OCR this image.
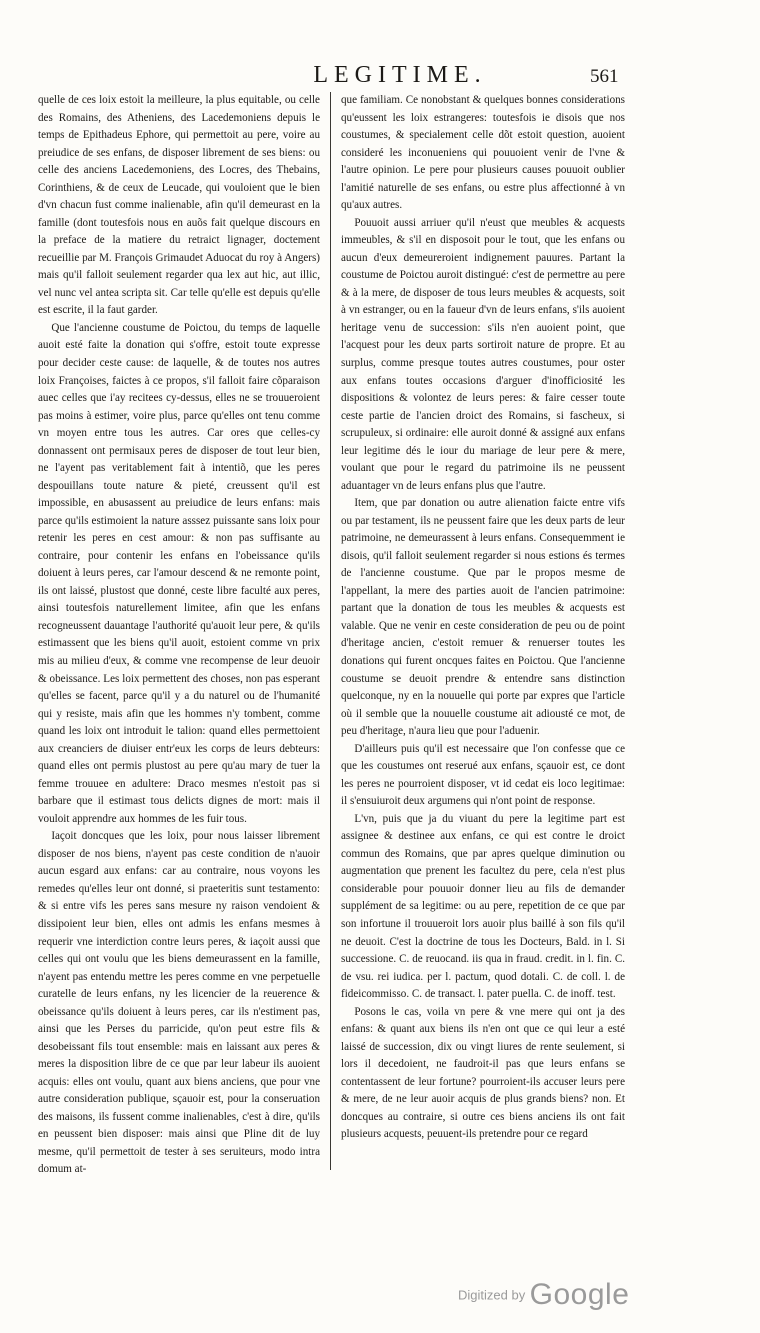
LEGITIME.	561

quelle de ces loix estoit la meilleure, la plus equitable, ou celle des Romains, des Atheniens, des Lacedemoniens depuis le temps de Epithadeus Ephore, qui permettoit au pere, voire au preiudice de ses enfans, de disposer librement de ses biens: ou celle des anciens Lacedemoniens, des Locres, des Thebains, Corinthiens, & de ceux de Leucade, qui vouloient que le bien d'vn chacun fust comme inalienable, afin qu'il demeurast en la famille (dont toutesfois nous en auõs fait quelque discours en la preface de la matiere du retraict lignager, doctement recueillie par M. François Grimaudet Aduocat du roy à Angers) mais qu'il falloit seulement regarder qua lex aut hic, aut illic, vel nunc vel antea scripta sit. Car telle qu'elle est depuis qu'elle est escrite, il la faut garder.

Que l'ancienne coustume de Poictou, du temps de laquelle auoit esté faite la donation qui s'offre, estoit toute expresse pour decider ceste cause: de laquelle, & de toutes nos autres loix Françoises, faictes à ce propos, s'il falloit faire cõparaison auec celles que i'ay recitees cy-dessus, elles ne se trouueroient pas moins à estimer, voire plus, parce qu'elles ont tenu comme vn moyen entre tous les autres. Car ores que celles-cy donnassent ont permisaux peres de disposer de tout leur bien, ne l'ayent pas veritablement fait à intentiõ, que les peres despouillans toute nature & pieté, creussent qu'il est impossible, en abusassent au preiudice de leurs enfans: mais parce qu'ils estimoient la nature asssez puissante sans loix pour retenir les peres en cest amour: & non pas suffisante au contraire, pour contenir les enfans en l'obeissance qu'ils doiuent à leurs peres, car l'amour descend & ne remonte point, ils ont laissé, plustost que donné, ceste libre faculté aux peres, ainsi toutesfois naturellement limitee, afin que les enfans recogneussent dauantage l'authorité qu'auoit leur pere, & qu'ils estimassent que les biens qu'il auoit, estoient comme vn prix mis au milieu d'eux, & comme vne recompense de leur deuoir & obeissance. Les loix permettent des choses, non pas esperant qu'elles se facent, parce qu'il y a du naturel ou de l'humanité qui y resiste, mais afin que les hommes n'y tombent, comme quand les loix ont introduit le talion: quand elles permettoient aux creanciers de diuiser entr'eux les corps de leurs debteurs: quand elles ont permis plustost au pere qu'au mary de tuer la femme trouuee en adultere: Draco mesmes n'estoit pas si barbare que il estimast tous delicts dignes de mort: mais il vouloit apprendre aux hommes de les fuir tous.

Iaçoit doncques que les loix, pour nous laisser librement disposer de nos biens, n'ayent pas ceste condition de n'auoir aucun esgard aux enfans: car au contraire, nous voyons les remedes qu'elles leur ont donné, si praeteritis sunt testamento: & si entre vifs les peres sans mesure ny raison vendoient & dissipoient leur bien, elles ont admis les enfans mesmes à requerir vne interdiction contre leurs peres, & iaçoit aussi que celles qui ont voulu que les biens demeurassent en la famille, n'ayent pas entendu mettre les peres comme en vne perpetuelle curatelle de leurs enfans, ny les licencier de la reuerence & obeissance qu'ils doiuent à leurs peres, car ils n'estiment pas, ainsi que les Perses du parricide, qu'on peut estre fils & desobeissant fils tout ensemble: mais en laissant aux peres & meres la disposition libre de ce que par leur labeur ils auoient acquis: elles ont voulu, quant aux biens anciens, que pour vne autre consideration publique, sçauoir est, pour la conseruation des maisons, ils fussent comme inalienables, c'est à dire, qu'ils en peussent bien disposer: mais ainsi que Pline dit de luy mesme, qu'il permettoit de tester à ses seruiteurs, modo intra domum at-

que familiam. Ce nonobstant & quelques bonnes considerations qu'eussent les loix estrangeres: toutesfois ie disois que nos coustumes, & specialement celle dõt estoit question, auoient consideré les inconueniens qui pouuoient venir de l'vne & l'autre opinion. Le pere pour plusieurs causes pouuoit oublier l'amitié naturelle de ses enfans, ou estre plus affectionné à vn qu'aux autres.

Pouuoit aussi arriuer qu'il n'eust que meubles & acquests immeubles, & s'il en disposoit pour le tout, que les enfans ou aucun d'eux demeureroient indignement pauures. Partant la coustume de Poictou auroit distingué: c'est de permettre au pere & à la mere, de disposer de tous leurs meubles & acquests, soit à vn estranger, ou en la faueur d'vn de leurs enfans, s'ils auoient heritage venu de succession: s'ils n'en auoient point, que l'acquest pour les deux parts sortiroit nature de propre. Et au surplus, comme presque toutes autres coustumes, pour oster aux enfans toutes occasions d'arguer d'inofficiosité les dispositions & volontez de leurs peres: & faire cesser toute ceste partie de l'ancien droict des Romains, si fascheux, si scrupuleux, si ordinaire: elle auroit donné & assigné aux enfans leur legitime dés le iour du mariage de leur pere & mere, voulant que pour le regard du patrimoine ils ne peussent aduantager vn de leurs enfans plus que l'autre.

Item, que par donation ou autre alienation faicte entre vifs ou par testament, ils ne peussent faire que les deux parts de leur patrimoine, ne demeurassent à leurs enfans. Consequemment ie disois, qu'il falloit seulement regarder si nous estions és termes de l'ancienne coustume. Que par le propos mesme de l'appellant, la mere des parties auoit de l'ancien patrimoine: partant que la donation de tous les meubles & acquests est valable. Que ne venir en ceste consideration de peu ou de point d'heritage ancien, c'estoit remuer & renuerser toutes les donations qui furent oncques faites en Poictou. Que l'ancienne coustume se deuoit prendre & entendre sans distinction quelconque, ny en la nouuelle qui porte par expres que l'article où il semble que la nouuelle coustume ait adiousté ce mot, de peu d'heritage, n'aura lieu que pour l'aduenir.

D'ailleurs puis qu'il est necessaire que l'on confesse que ce que les coustumes ont reserué aux enfans, sçauoir est, ce dont les peres ne pourroient disposer, vt id cedat eis loco legitimae: il s'ensuiuroit deux argumens qui n'ont point de response.

L'vn, puis que ja du viuant du pere la legitime part est assignee & destinee aux enfans, ce qui est contre le droict commun des Romains, que par apres quelque diminution ou augmentation que prenent les facultez du pere, cela n'est plus considerable pour pouuoir donner lieu au fils de demander supplément de sa legitime: ou au pere, repetition de ce que par son infortune il trouueroit lors auoir plus baillé à son fils qu'il ne deuoit. C'est la doctrine de tous les Docteurs, Bald. in l. Si successione. C. de reuocand. iis qua in fraud. credit. in l. fin. C. de vsu. rei iudica. per l. pactum, quod dotali. C. de coll. l. de fideicommisso. C. de transact. l. pater puella. C. de inoff. test.

Posons le cas, voila vn pere & vne mere qui ont ja des enfans: & quant aux biens ils n'en ont que ce qui leur a esté laissé de succession, dix ou vingt liures de rente seulement, si lors il decedoient, ne faudroit-il pas que leurs enfans se contentassent de leur fortune? pourroient-ils accuser leurs pere & mere, de ne leur auoir acquis de plus grands biens? non. Et doncques au contraire, si outre ces biens anciens ils ont fait plusieurs acquests, peuuent-ils pretendre pour ce regard

Digitized by Google
